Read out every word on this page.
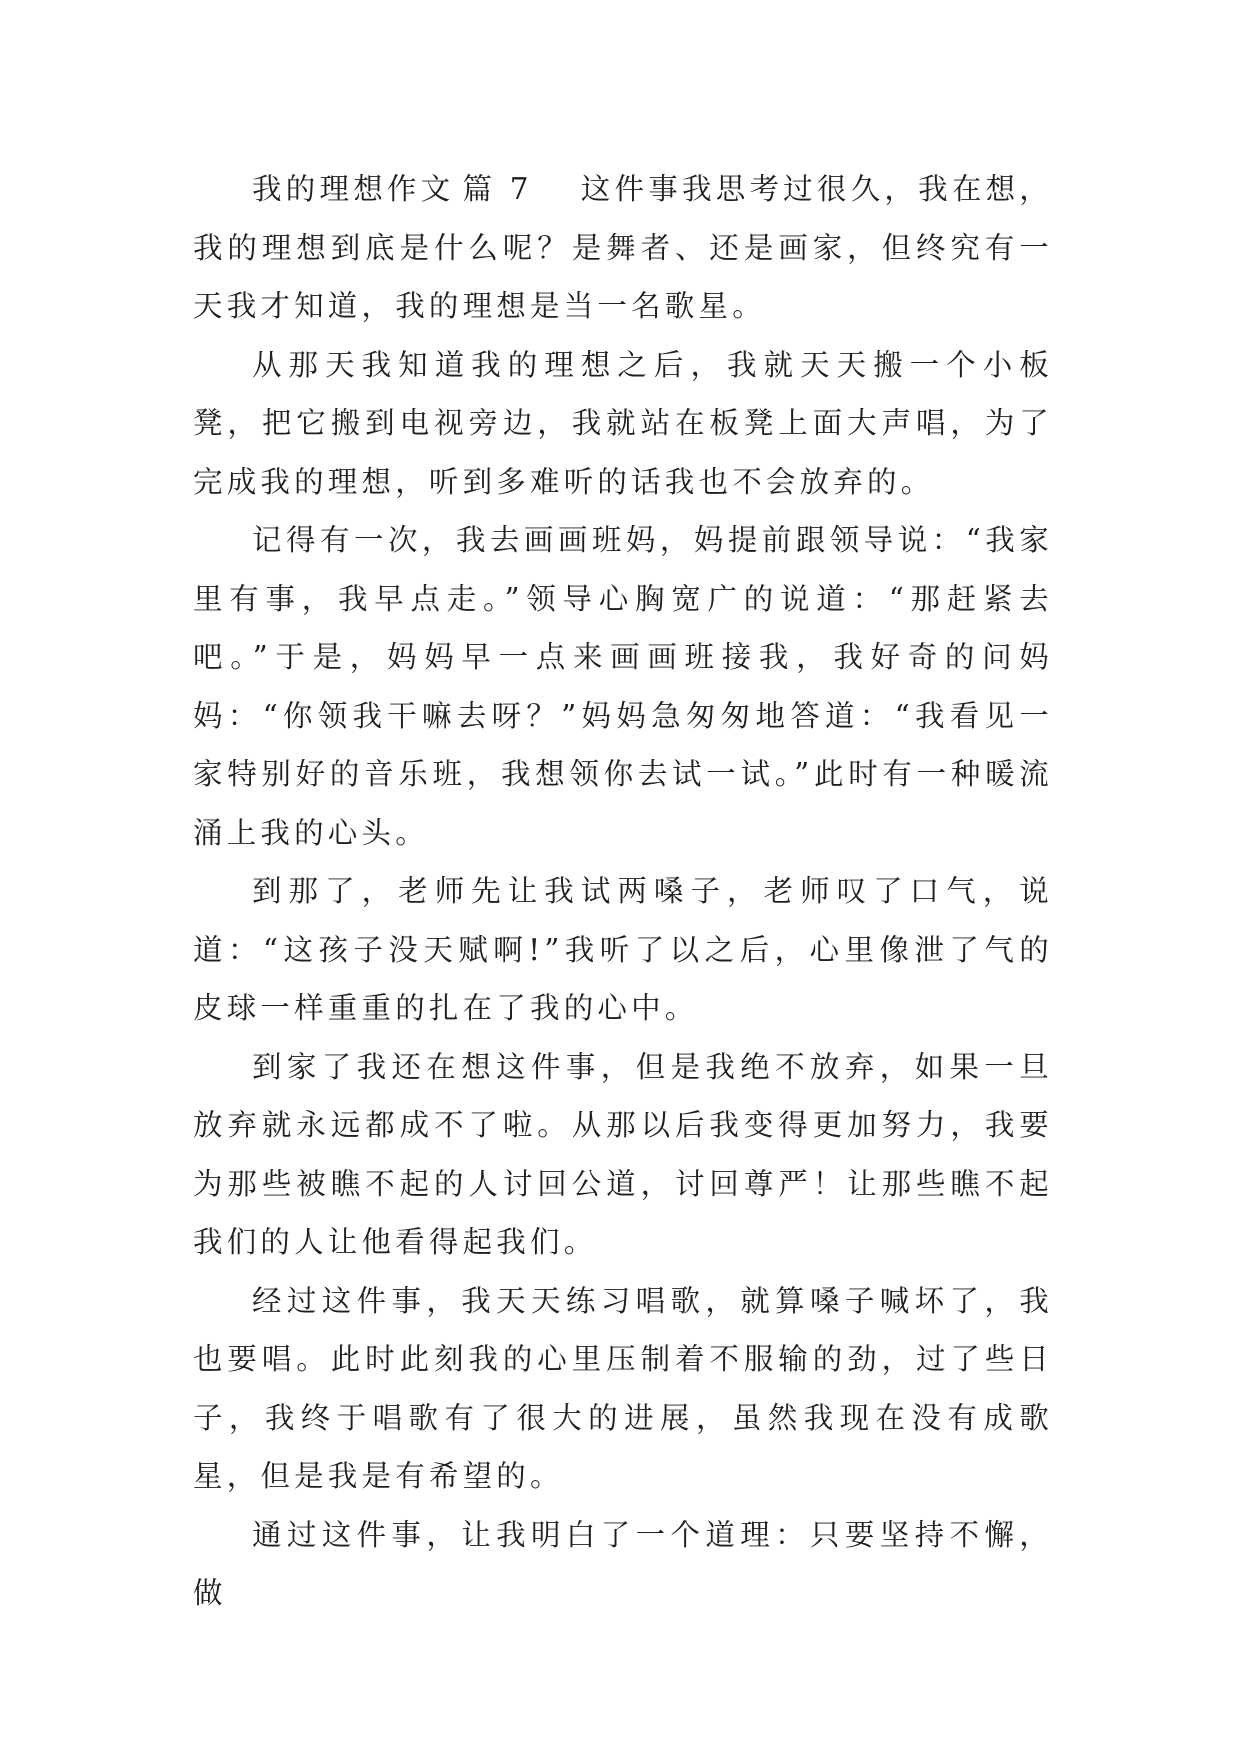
我的理想作文 篇 7 这件事我思考过很久，我在想，我的理想到底是什么呢？是舞者、还是画家，但终究有一天我才知道，我的理想是当一名歌星。

从那天我知道我的理想之后，我就天天搬一个小板凳，把它搬到电视旁边，我就站在板凳上面大声唱，为了完成我的理想，听到多难听的话我也不会放弃的。

记得有一次，我去画画班妈，妈提前跟领导说：“我家里有事，我早点走。”领导心胸宽广的说道：“那赶紧去吧。”于是，妈妈早一点来画画班接我，我好奇的问妈妈：“你领我干嘛去呀？”妈妈急匆匆地答道：“我看见一家特别好的音乐班，我想领你去试一试。”此时有一种暖流涌上我的心头。

到那了，老师先让我试两嗓子，老师叹了口气，说道：“这孩子没天赋啊!”我听了以之后，心里像泄了气的皮球一样重重的扎在了我的心中。

到家了我还在想这件事，但是我绝不放弃，如果一旦放弃就永远都成不了啦。从那以后我变得更加努力，我要为那些被瞧不起的人讨回公道，讨回尊严！让那些瞧不起我们的人让他看得起我们。

经过这件事，我天天练习唱歌，就算嗓子喊坏了，我也要唱。此时此刻我的心里压制着不服输的劲，过了些日子，我终于唱歌有了很大的进展，虽然我现在没有成歌星，但是我是有希望的。

通过这件事，让我明白了一个道理：只要坚持不懈，做
